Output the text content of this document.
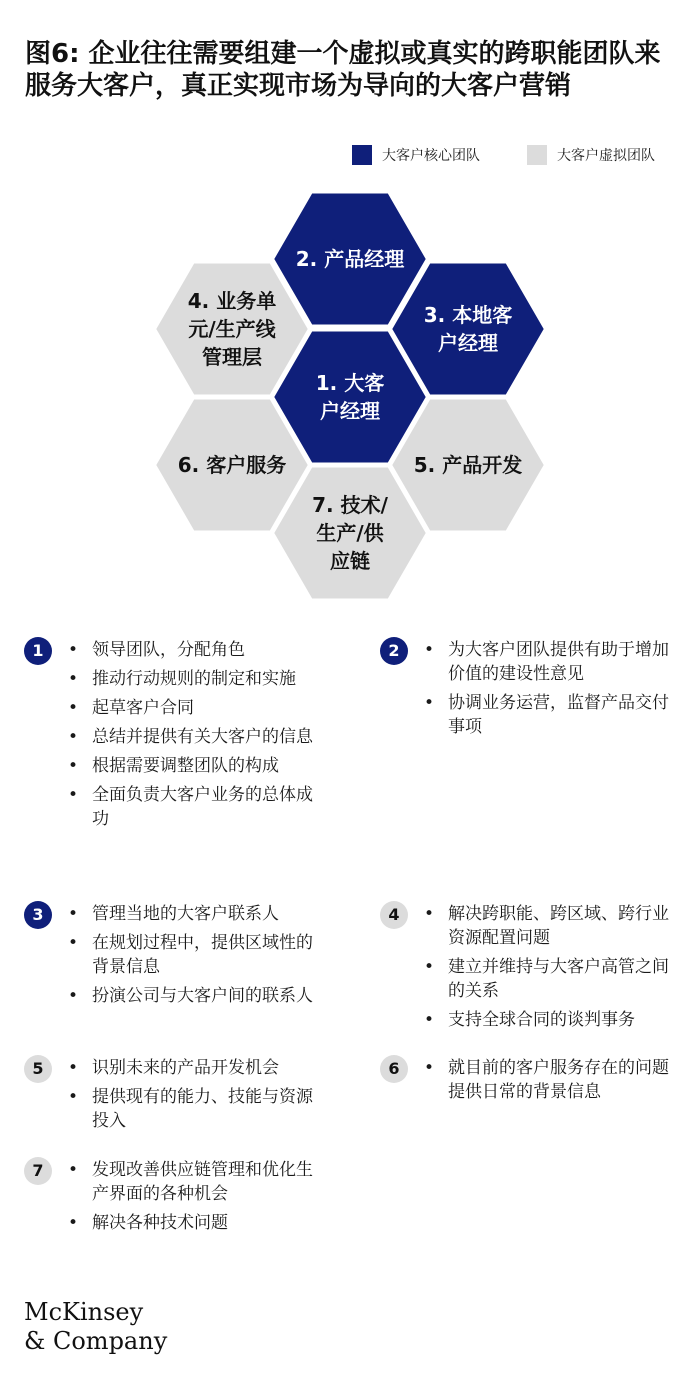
图6: 企业往往需要组建一个虚拟或真实的跨职能团队来服务大客户，真正实现市场为导向的大客户营销
大客户核心团队	大客户虚拟团队
1. 大客
户经理
2. 产品经理
3. 本地客
户经理
4. 业务单
元/生产线
管理层
5. 产品开发
6. 客户服务
7. 技术/
生产/供
应链
1	• 领导团队，分配角色
• 推动行动规则的制定和实施
• 起草客户合同
• 总结并提供有关大客户的信息
• 根据需要调整团队的构成
• 全面负责大客户业务的总体成功
2	• 为大客户团队提供有助于增加价值的建设性意见
• 协调业务运营，监督产品交付事项
3	• 管理当地的大客户联系人
• 在规划过程中，提供区域性的背景信息
• 扮演公司与大客户间的联系人
4	• 解决跨职能、跨区域、跨行业资源配置问题
• 建立并维持与大客户高管之间的关系
• 支持全球合同的谈判事务
5	• 识别未来的产品开发机会
• 提供现有的能力、技能与资源投入
6	• 就目前的客户服务存在的问题提供日常的背景信息
7	• 发现改善供应链管理和优化生产界面的各种机会
• 解决各种技术问题
McKinsey
& Company
